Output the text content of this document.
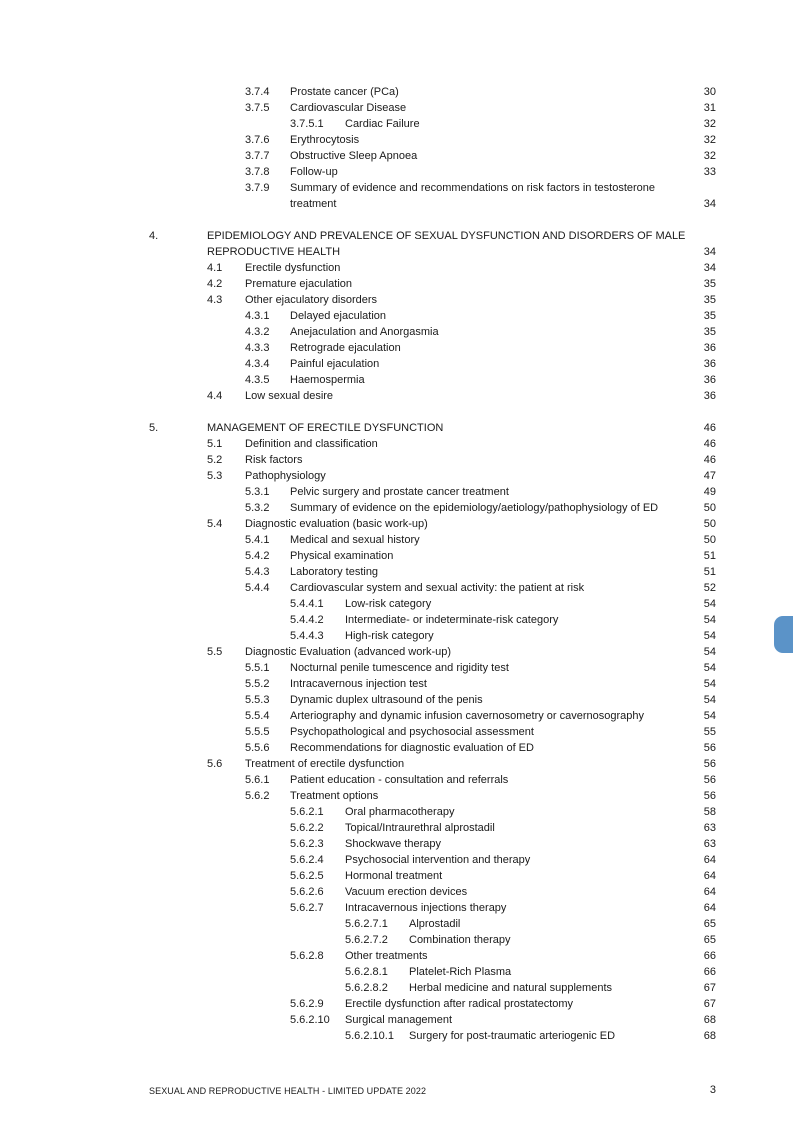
3.7.4 Prostate cancer (PCa)	30
3.7.5 Cardiovascular Disease	31
3.7.5.1 Cardiac Failure	32
3.7.6 Erythrocytosis	32
3.7.7 Obstructive Sleep Apnoea	32
3.7.8 Follow-up	33
3.7.9 Summary of evidence and recommendations on risk factors in testosterone
treatment	34
4.	EPIDEMIOLOGY AND PREVALENCE OF SEXUAL DYSFUNCTION AND DISORDERS OF MALE
REPRODUCTIVE HEALTH	34
4.1 Erectile dysfunction	34
4.2 Premature ejaculation	35
4.3 Other ejaculatory disorders	35
4.3.1 Delayed ejaculation	35
4.3.2 Anejaculation and Anorgasmia	35
4.3.3 Retrograde ejaculation	36
4.3.4 Painful ejaculation	36
4.3.5 Haemospermia	36
4.4 Low sexual desire	36
5.	MANAGEMENT OF ERECTILE DYSFUNCTION	46
5.1 Definition and classification	46
5.2 Risk factors	46
5.3 Pathophysiology	47
5.3.1 Pelvic surgery and prostate cancer treatment	49
5.3.2 Summary of evidence on the epidemiology/aetiology/pathophysiology of ED	50
5.4 Diagnostic evaluation (basic work-up)	50
5.4.1 Medical and sexual history	50
5.4.2 Physical examination	51
5.4.3 Laboratory testing	51
5.4.4 Cardiovascular system and sexual activity: the patient at risk	52
5.4.4.1 Low-risk category	54
5.4.4.2 Intermediate- or indeterminate-risk category	54
5.4.4.3 High-risk category	54
5.5 Diagnostic Evaluation (advanced work-up)	54
5.5.1 Nocturnal penile tumescence and rigidity test	54
5.5.2 Intracavernous injection test	54
5.5.3 Dynamic duplex ultrasound of the penis	54
5.5.4 Arteriography and dynamic infusion cavernosometry or cavernosography	54
5.5.5 Psychopathological and psychosocial assessment	55
5.5.6 Recommendations for diagnostic evaluation of ED	56
5.6 Treatment of erectile dysfunction	56
5.6.1 Patient education - consultation and referrals	56
5.6.2 Treatment options	56
5.6.2.1 Oral pharmacotherapy	58
5.6.2.2 Topical/Intraurethral alprostadil	63
5.6.2.3 Shockwave therapy	63
5.6.2.4 Psychosocial intervention and therapy	64
5.6.2.5 Hormonal treatment	64
5.6.2.6 Vacuum erection devices	64
5.6.2.7 Intracavernous injections therapy	64
5.6.2.7.1 Alprostadil	65
5.6.2.7.2 Combination therapy	65
5.6.2.8 Other treatments	66
5.6.2.8.1 Platelet-Rich Plasma	66
5.6.2.8.2 Herbal medicine and natural supplements	67
5.6.2.9 Erectile dysfunction after radical prostatectomy	67
5.6.2.10 Surgical management	68
5.6.2.10.1 Surgery for post-traumatic arteriogenic ED	68
SEXUAL AND REPRODUCTIVE HEALTH - LIMITED UPDATE 2022	3
